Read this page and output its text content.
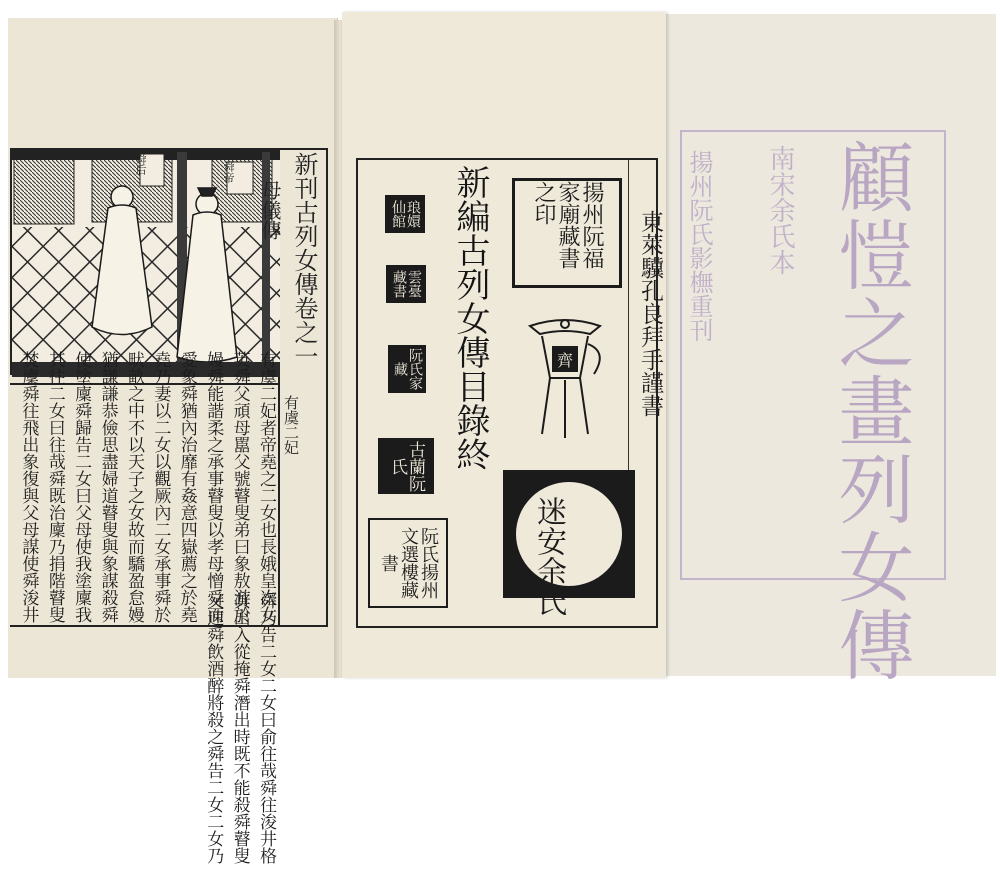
顧愷之畫列女傳
南宋余氏本
揚州阮氏影橅重刊
舜后	舜帝 新刊古列女傳卷之一
母儀傳
有虞二妃
有虞二妃者帝堯之二女也長娥皇次女 英舜父頑母嚚父號瞽叟弟曰象敖游於 嫚舜能諧柔之承事瞽叟以孝母憎舜而 愛象舜猶內治靡有姦意四嶽薦之於堯 堯乃妻以二女以觀厥內二女承事舜於 畎畝之中不以天子之女故而驕盈怠嫚 猶謙謙恭儉思盡婦道瞽叟與象謀殺舜 使塗廩舜歸告二女曰父母使我塗廩我 其往二女曰往哉舜既治廩乃捐階瞽叟 焚廩舜往飛出象復與父母謀使舜浚井 舜乃告二女二女曰俞往哉舜往浚井格 其出入從掩舜潛出時既不能殺舜瞽叟 又速舜飲酒醉將殺之舜告二女二女乃
新編古列女傳目錄終	東萊驥孔良拜手謹書
揚州阮福家廟藏書之印
齊
迷安余氏
琅嬛仙館
雲臺藏書
阮氏家藏
古蘭阮氏
阮氏揚州文選樓藏書
